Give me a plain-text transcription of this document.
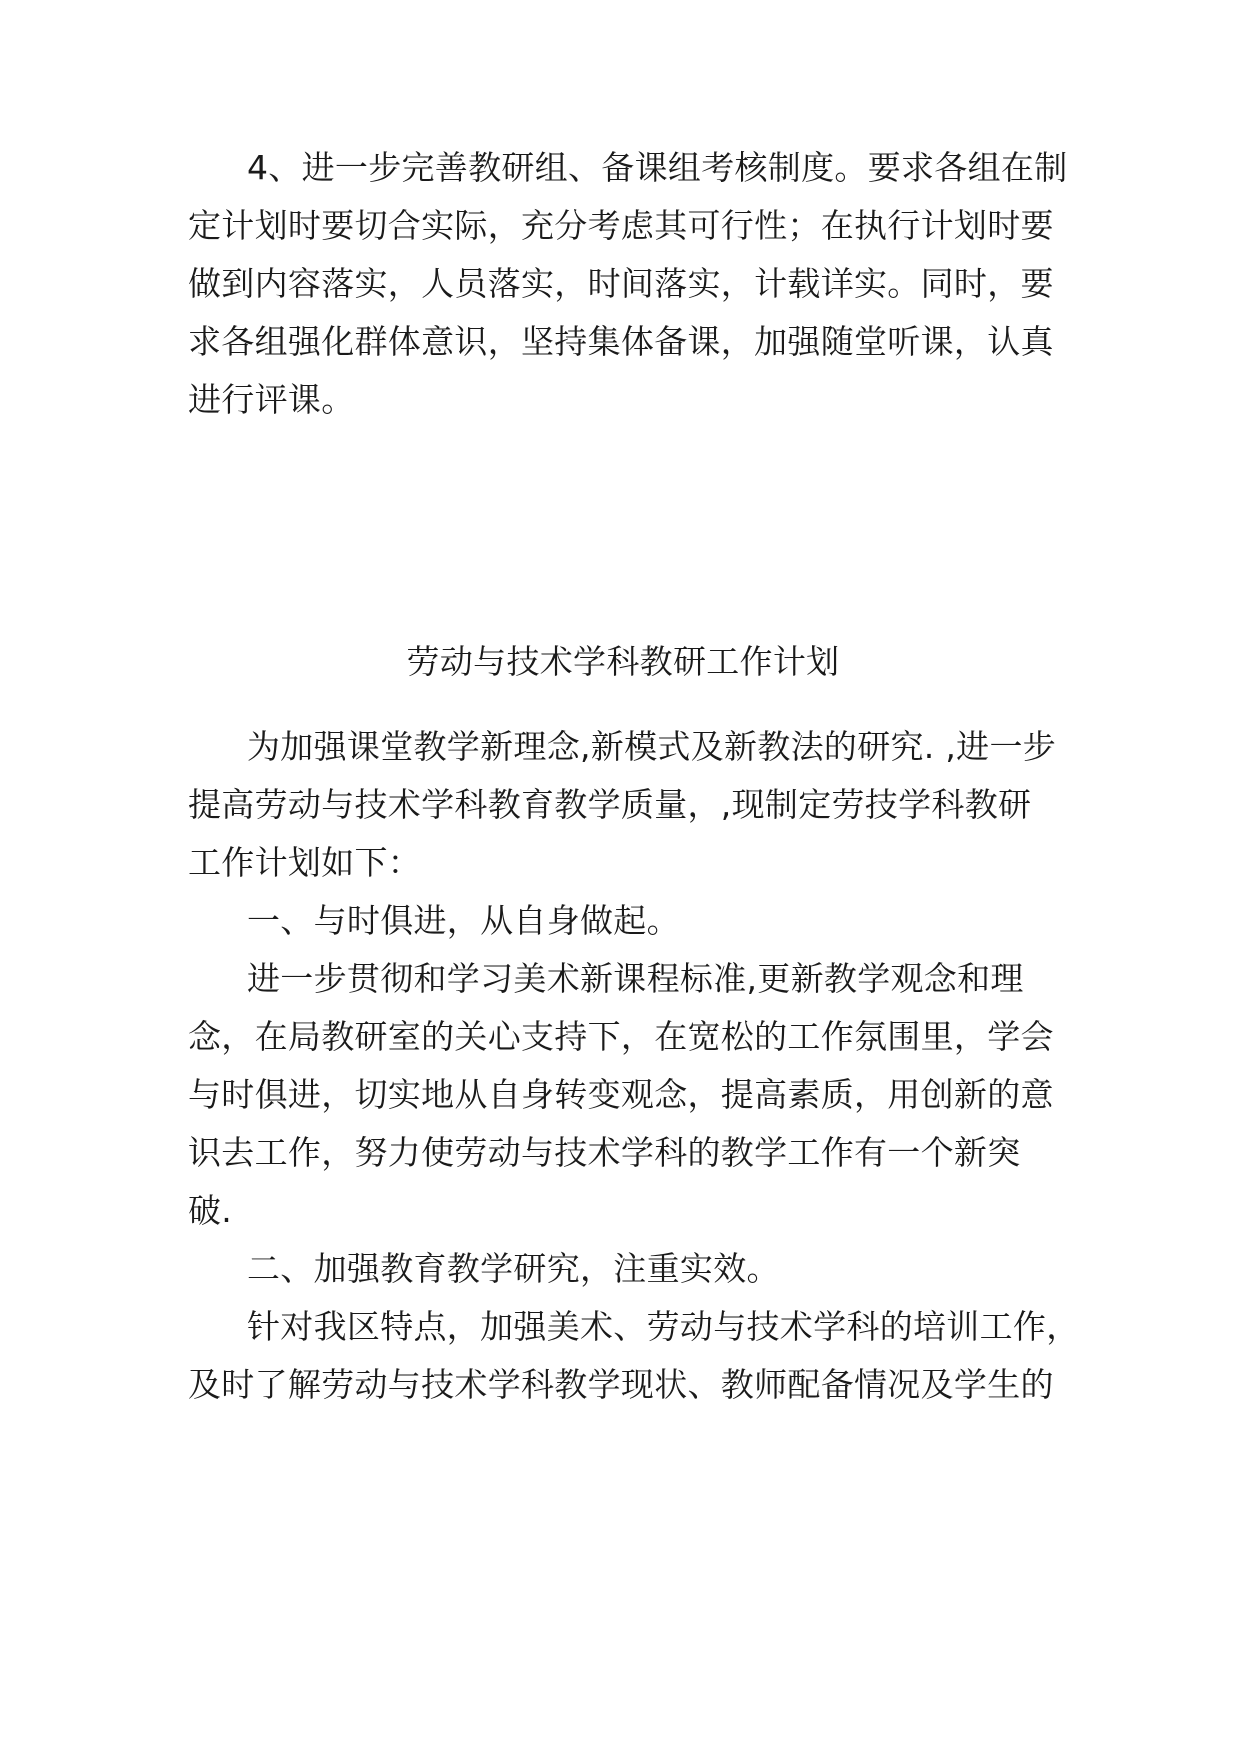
4、进一步完善教研组、备课组考核制度。要求各组在制
定计划时要切合实际，充分考虑其可行性；在执行计划时要
做到内容落实，人员落实，时间落实，计载详实。同时，要
求各组强化群体意识，坚持集体备课，加强随堂听课，认真
进行评课。
劳动与技术学科教研工作计划
为加强课堂教学新理念,新模式及新教法的研究. ,进一步
提高劳动与技术学科教育教学质量，,现制定劳技学科教研
工作计划如下：
一、与时俱进，从自身做起。
进一步贯彻和学习美术新课程标准,更新教学观念和理
念，在局教研室的关心支持下，在宽松的工作氛围里，学会
与时俱进，切实地从自身转变观念，提高素质，用创新的意
识去工作，努力使劳动与技术学科的教学工作有一个新突
破.
二、加强教育教学研究，注重实效。
针对我区特点，加强美术、劳动与技术学科的培训工作，
及时了解劳动与技术学科教学现状、教师配备情况及学生的
